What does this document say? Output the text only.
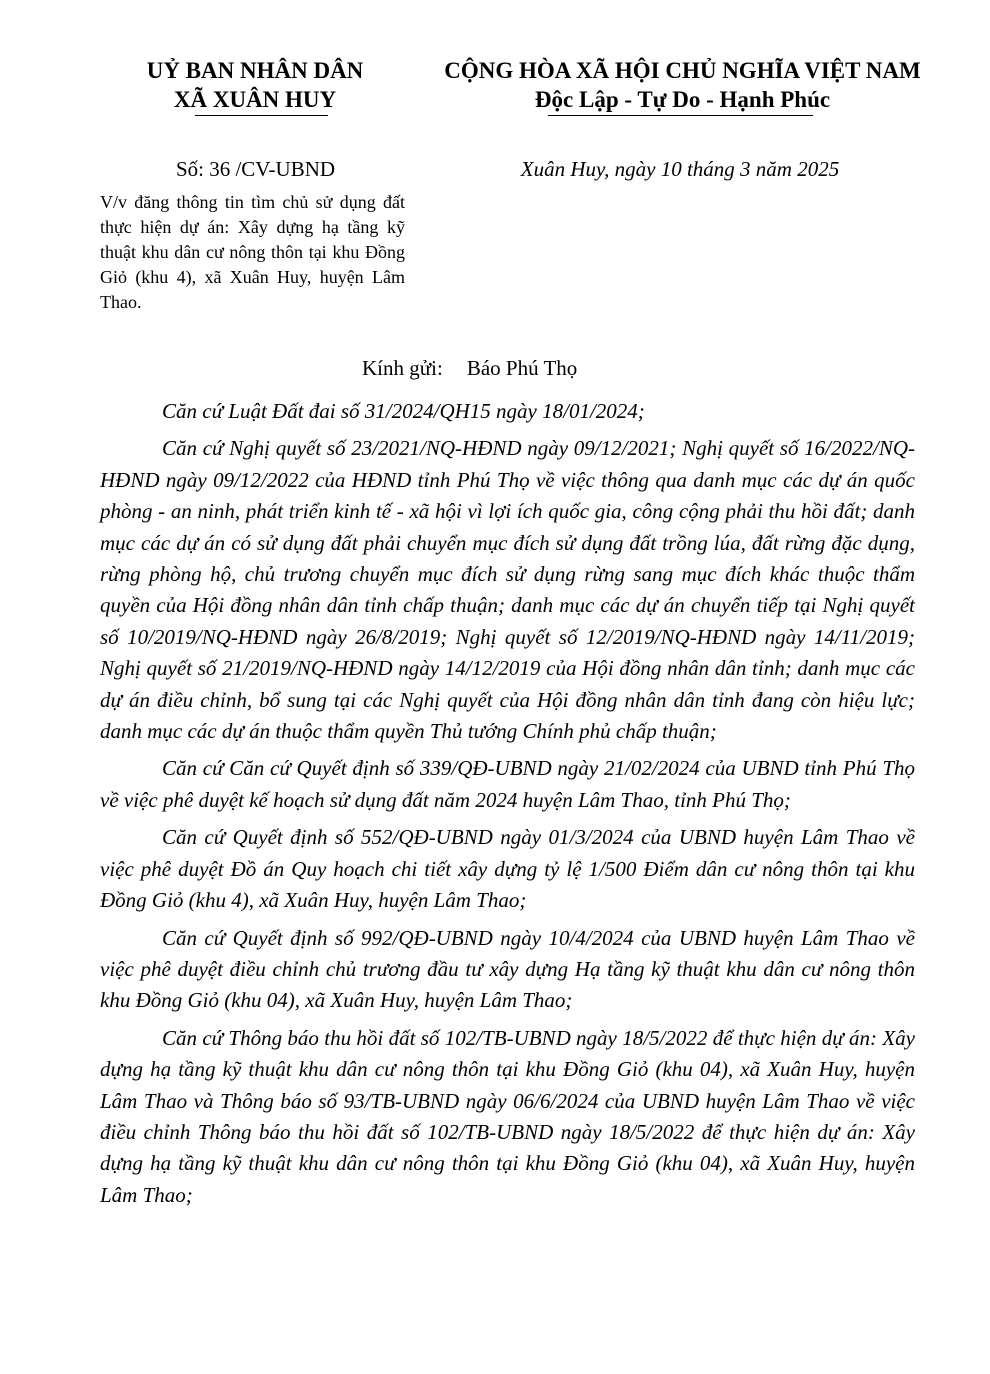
UỶ BAN NHÂN DÂN
XÃ XUÂN HUY
CỘNG HÒA XÃ HỘI CHỦ NGHĨA VIỆT NAM
Độc Lập - Tự Do - Hạnh Phúc
Số: 36 /CV-UBND	Xuân Huy, ngày 10 tháng 3 năm 2025
V/v đăng thông tin tìm chủ sử dụng đất thực hiện dự án: Xây dựng hạ tầng kỹ thuật khu dân cư nông thôn tại khu Đồng Giỏ (khu 4), xã Xuân Huy, huyện Lâm Thao.
Kính gửi: Báo Phú Thọ

Căn cứ Luật Đất đai số 31/2024/QH15 ngày 18/01/2024;

Căn cứ Nghị quyết số 23/2021/NQ-HĐND ngày 09/12/2021; Nghị quyết số 16/2022/NQ-HĐND ngày 09/12/2022 của HĐND tỉnh Phú Thọ về việc thông qua danh mục các dự án quốc phòng - an ninh, phát triển kinh tế - xã hội vì lợi ích quốc gia, công cộng phải thu hồi đất; danh mục các dự án có sử dụng đất phải chuyển mục đích sử dụng đất trồng lúa, đất rừng đặc dụng, rừng phòng hộ, chủ trương chuyển mục đích sử dụng rừng sang mục đích khác thuộc thẩm quyền của Hội đồng nhân dân tỉnh chấp thuận; danh mục các dự án chuyển tiếp tại Nghị quyết số 10/2019/NQ-HĐND ngày 26/8/2019; Nghị quyết số 12/2019/NQ-HĐND ngày 14/11/2019; Nghị quyết số 21/2019/NQ-HĐND ngày 14/12/2019 của Hội đồng nhân dân tỉnh; danh mục các dự án điều chỉnh, bổ sung tại các Nghị quyết của Hội đồng nhân dân tỉnh đang còn hiệu lực; danh mục các dự án thuộc thẩm quyền Thủ tướng Chính phủ chấp thuận;

Căn cứ Căn cứ Quyết định số 339/QĐ-UBND ngày 21/02/2024 của UBND tỉnh Phú Thọ về việc phê duyệt kế hoạch sử dụng đất năm 2024 huyện Lâm Thao, tỉnh Phú Thọ;

Căn cứ Quyết định số 552/QĐ-UBND ngày 01/3/2024 của UBND huyện Lâm Thao về việc phê duyệt Đồ án Quy hoạch chi tiết xây dựng tỷ lệ 1/500 Điểm dân cư nông thôn tại khu Đồng Giỏ (khu 4), xã Xuân Huy, huyện Lâm Thao;

Căn cứ Quyết định số 992/QĐ-UBND ngày 10/4/2024 của UBND huyện Lâm Thao về việc phê duyệt điều chỉnh chủ trương đầu tư xây dựng Hạ tầng kỹ thuật khu dân cư nông thôn khu Đồng Giỏ (khu 04), xã Xuân Huy, huyện Lâm Thao;

Căn cứ Thông báo thu hồi đất số 102/TB-UBND ngày 18/5/2022 để thực hiện dự án: Xây dựng hạ tầng kỹ thuật khu dân cư nông thôn tại khu Đồng Giỏ (khu 04), xã Xuân Huy, huyện Lâm Thao và Thông báo số 93/TB-UBND ngày 06/6/2024 của UBND huyện Lâm Thao về việc điều chỉnh Thông báo thu hồi đất số 102/TB-UBND ngày 18/5/2022 để thực hiện dự án: Xây dựng hạ tầng kỹ thuật khu dân cư nông thôn tại khu Đồng Giỏ (khu 04), xã Xuân Huy, huyện Lâm Thao;
